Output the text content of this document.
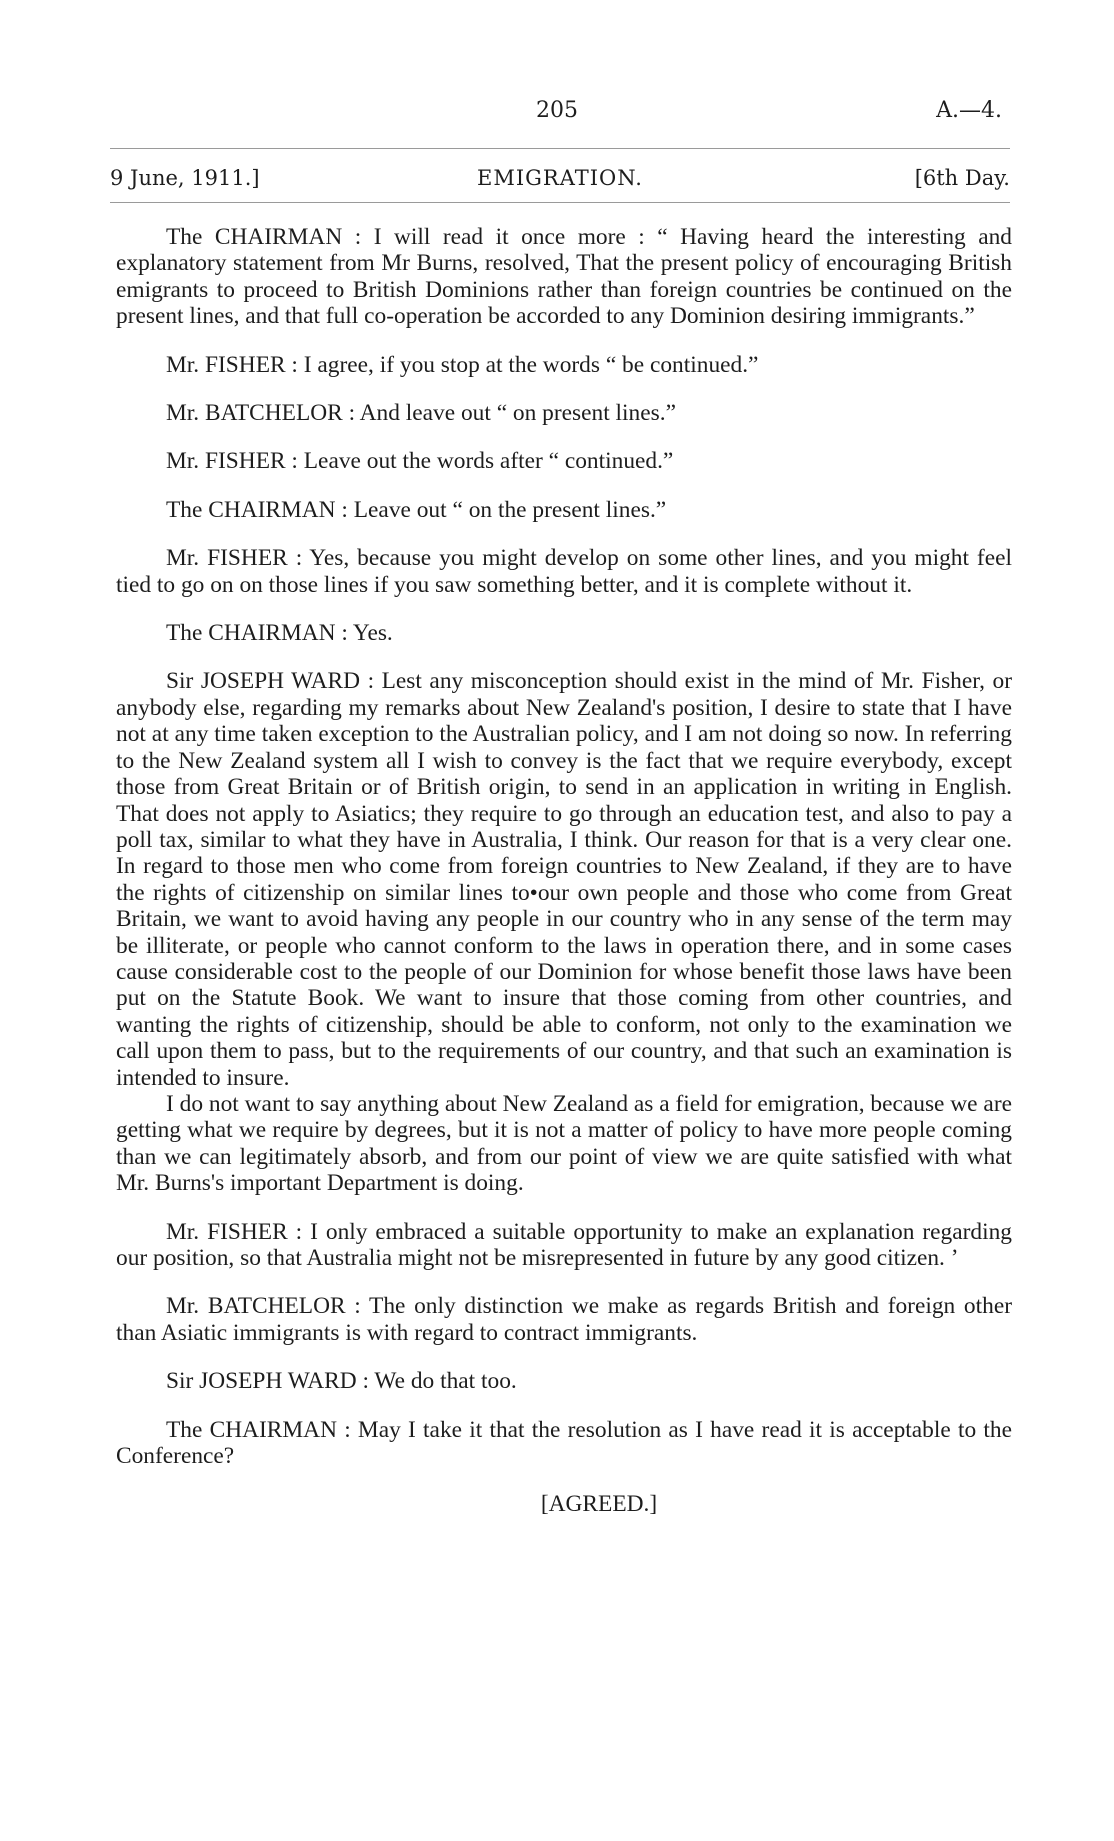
205	A.—4.
9 June, 1911.]	EMIGRATION.	[6th Day.

The CHAIRMAN : I will read it once more : “ Having heard the interesting and explanatory statement from Mr Burns, resolved, That the present policy of encouraging British emigrants to proceed to British Dominions rather than foreign countries be continued on the present lines, and that full co-operation be accorded to any Dominion desiring immigrants.”

Mr. FISHER : I agree, if you stop at the words “ be continued.”

Mr. BATCHELOR : And leave out “ on present lines.”

Mr. FISHER : Leave out the words after “ continued.”

The CHAIRMAN : Leave out “ on the present lines.”

Mr. FISHER : Yes, because you might develop on some other lines, and you might feel tied to go on on those lines if you saw something better, and it is complete without it.

The CHAIRMAN : Yes.

Sir JOSEPH WARD : Lest any misconception should exist in the mind of Mr. Fisher, or anybody else, regarding my remarks about New Zealand's position, I desire to state that I have not at any time taken exception to the Australian policy, and I am not doing so now. In referring to the New Zealand system all I wish to convey is the fact that we require everybody, except those from Great Britain or of British origin, to send in an application in writing in English. That does not apply to Asiatics; they require to go through an education test, and also to pay a poll tax, similar to what they have in Australia, I think. Our reason for that is a very clear one. In regard to those men who come from foreign countries to New Zealand, if they are to have the rights of citizenship on similar lines to•our own people and those who come from Great Britain, we want to avoid having any people in our country who in any sense of the term may be illiterate, or people who cannot conform to the laws in operation there, and in some cases cause considerable cost to the people of our Dominion for whose benefit those laws have been put on the Statute Book. We want to insure that those coming from other countries, and wanting the rights of citizenship, should be able to conform, not only to the examination we call upon them to pass, but to the requirements of our country, and that such an examination is intended to insure.

I do not want to say anything about New Zealand as a field for emigration, because we are getting what we require by degrees, but it is not a matter of policy to have more people coming than we can legitimately absorb, and from our point of view we are quite satisfied with what Mr. Burns's important Department is doing.

Mr. FISHER : I only embraced a suitable opportunity to make an explanation regarding our position, so that Australia might not be misrepresented in future by any good citizen. ’

Mr. BATCHELOR : The only distinction we make as regards British and foreign other than Asiatic immigrants is with regard to contract immigrants.

Sir JOSEPH WARD : We do that too.

The CHAIRMAN : May I take it that the resolution as I have read it is acceptable to the Conference?

[AGREED.]
